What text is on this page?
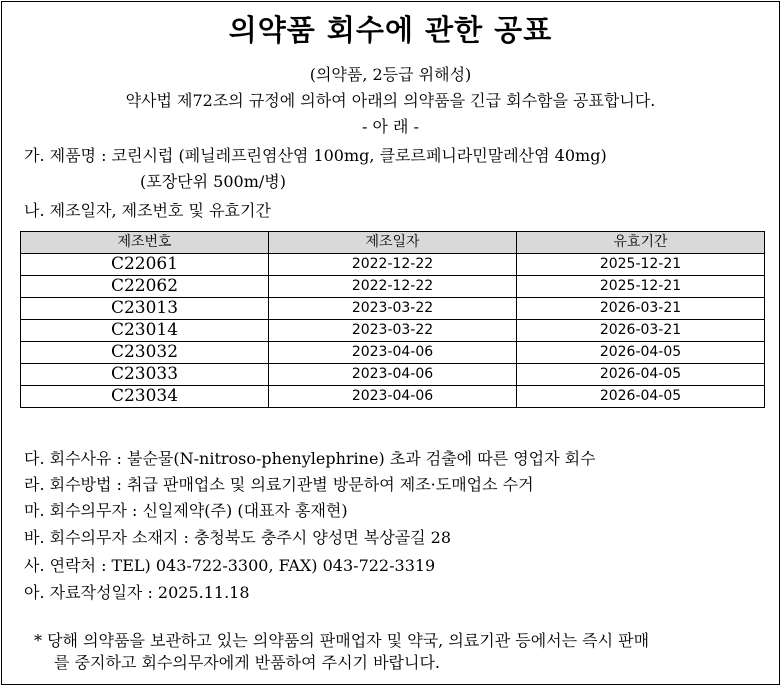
의약품 회수에 관한 공표
(의약품, 2등급 위해성)
약사법 제72조의 규정에 의하여 아래의 의약품을 긴급 회수함을 공표합니다.
- 아 래 -
가. 제품명 : 코린시럽 (페닐레프린염산염 100mg, 클로르페니라민말레산염 40mg)
(포장단위 500m/병)
나. 제조일자, 제조번호 및 유효기간
제조번호	제조일자	유효기간
C22061	2022-12-22	2025-12-21
C22062	2022-12-22	2025-12-21
C23013	2023-03-22	2026-03-21
C23014	2023-03-22	2026-03-21
C23032	2023-04-06	2026-04-05
C23033	2023-04-06	2026-04-05
C23034	2023-04-06	2026-04-05
다. 회수사유 : 불순물(N-nitroso-phenylephrine) 초과 검출에 따른 영업자 회수
라. 회수방법 : 취급 판매업소 및 의료기관별 방문하여 제조·도매업소 수거
마. 회수의무자 : 신일제약(주) (대표자 홍재현)
바. 회수의무자 소재지 : 충청북도 충주시 양성면 복상골길 28
사. 연락처 : TEL) 043-722-3300, FAX) 043-722-3319
아. 자료작성일자 : 2025.11.18
* 당해 의약품을 보관하고 있는 의약품의 판매업자 및 약국, 의료기관 등에서는 즉시 판매
를 중지하고 회수의무자에게 반품하여 주시기 바랍니다.
